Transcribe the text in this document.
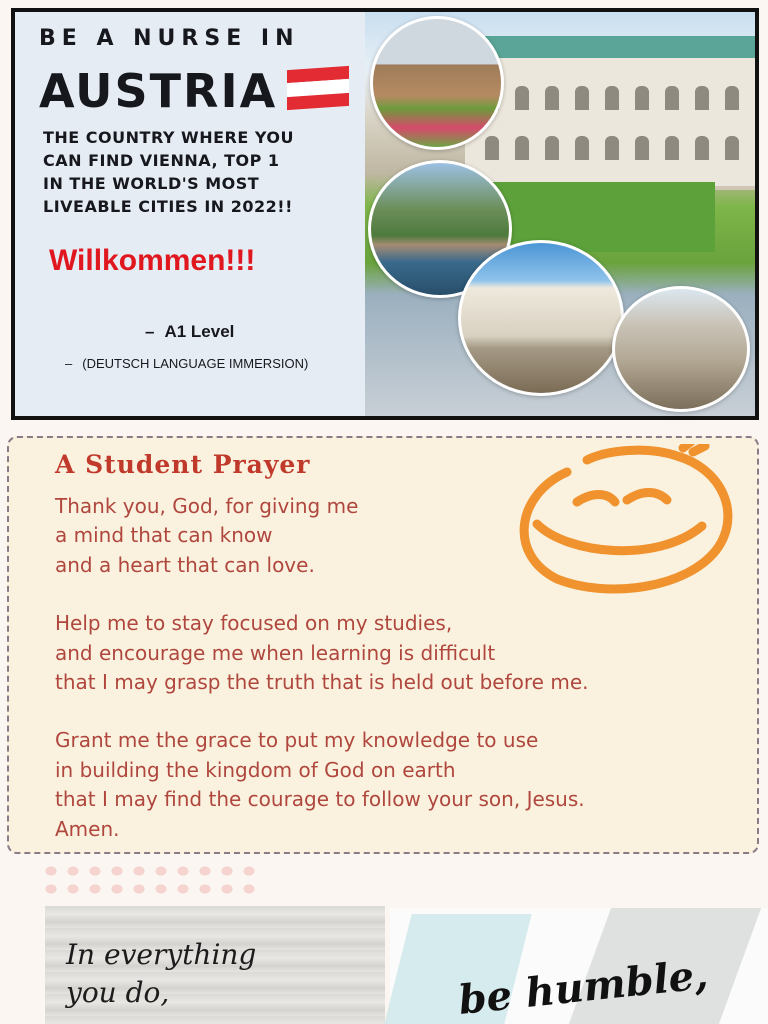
BE A NURSE IN
AUSTRIA
THE COUNTRY WHERE YOU
CAN FIND VIENNA, TOP 1
IN THE WORLD'S MOST
LIVEABLE CITIES IN 2022!!
Willkommen!!!
– A1 Level
– (DEUTSCH LANGUAGE IMMERSION)
A Student Prayer
Thank you, God, for giving me
a mind that can know
and a heart that can love.
Help me to stay focused on my studies,
and encourage me when learning is difficult
that I may grasp the truth that is held out before me.
Grant me the grace to put my knowledge to use
in building the kingdom of God on earth
that I may find the courage to follow your son, Jesus.
Amen.
In everything
you do,	be humble,
